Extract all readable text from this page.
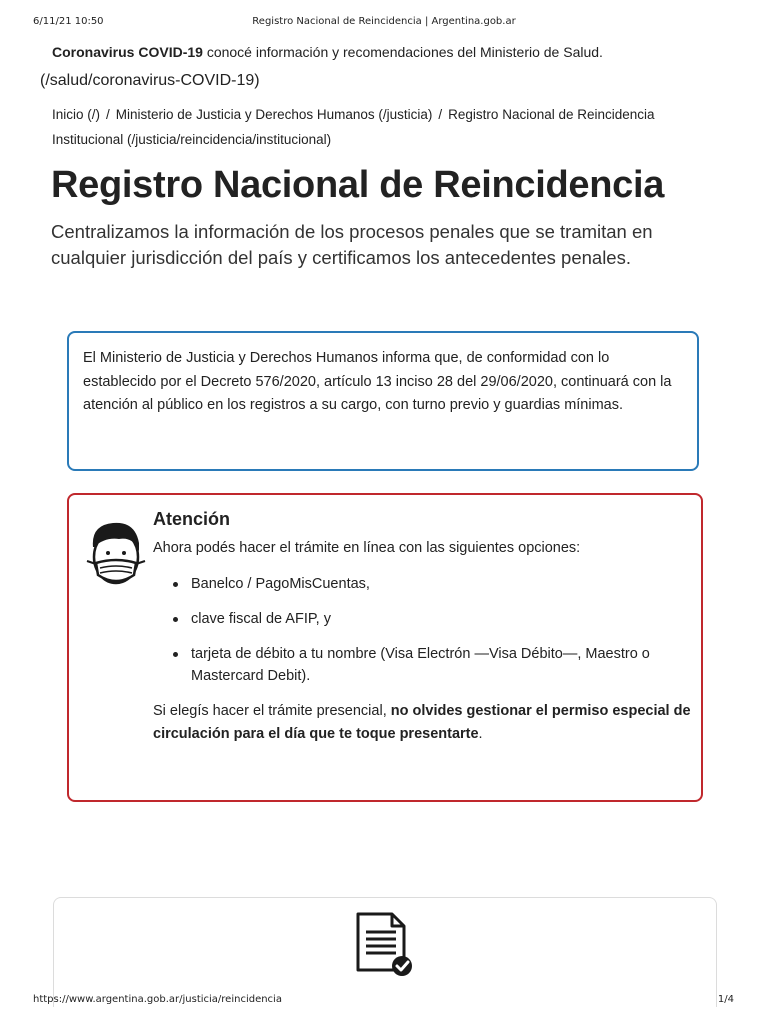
6/11/21 10:50	Registro Nacional de Reincidencia | Argentina.gob.ar
Coronavirus COVID-19 conocé información y recomendaciones del Ministerio de Salud.
(/salud/coronavirus-COVID-19)
Inicio (/) / Ministerio de Justicia y Derechos Humanos (/justicia) / Registro Nacional de Reincidencia
Institucional (/justicia/reincidencia/institucional)
Registro Nacional de Reincidencia

Centralizamos la información de los procesos penales que se tramitan en cualquier jurisdicción del país y certificamos los antecedentes penales.

El Ministerio de Justicia y Derechos Humanos informa que, de conformidad con lo establecido por el Decreto 576/2020, artículo 13 inciso 28 del 29/06/2020, continuará con la atención al público en los registros a su cargo, con turno previo y guardias mínimas.

Atención

Ahora podés hacer el trámite en línea con las siguientes opciones:

Banelco / PagoMisCuentas,
clave fiscal de AFIP, y
tarjeta de débito a tu nombre (Visa Electrón —Visa Débito—, Maestro o Mastercard Debit).

Si elegís hacer el trámite presencial, no olvides gestionar el permiso especial de circulación para el día que te toque presentarte.

https://www.argentina.gob.ar/justicia/reincidencia	1/4
